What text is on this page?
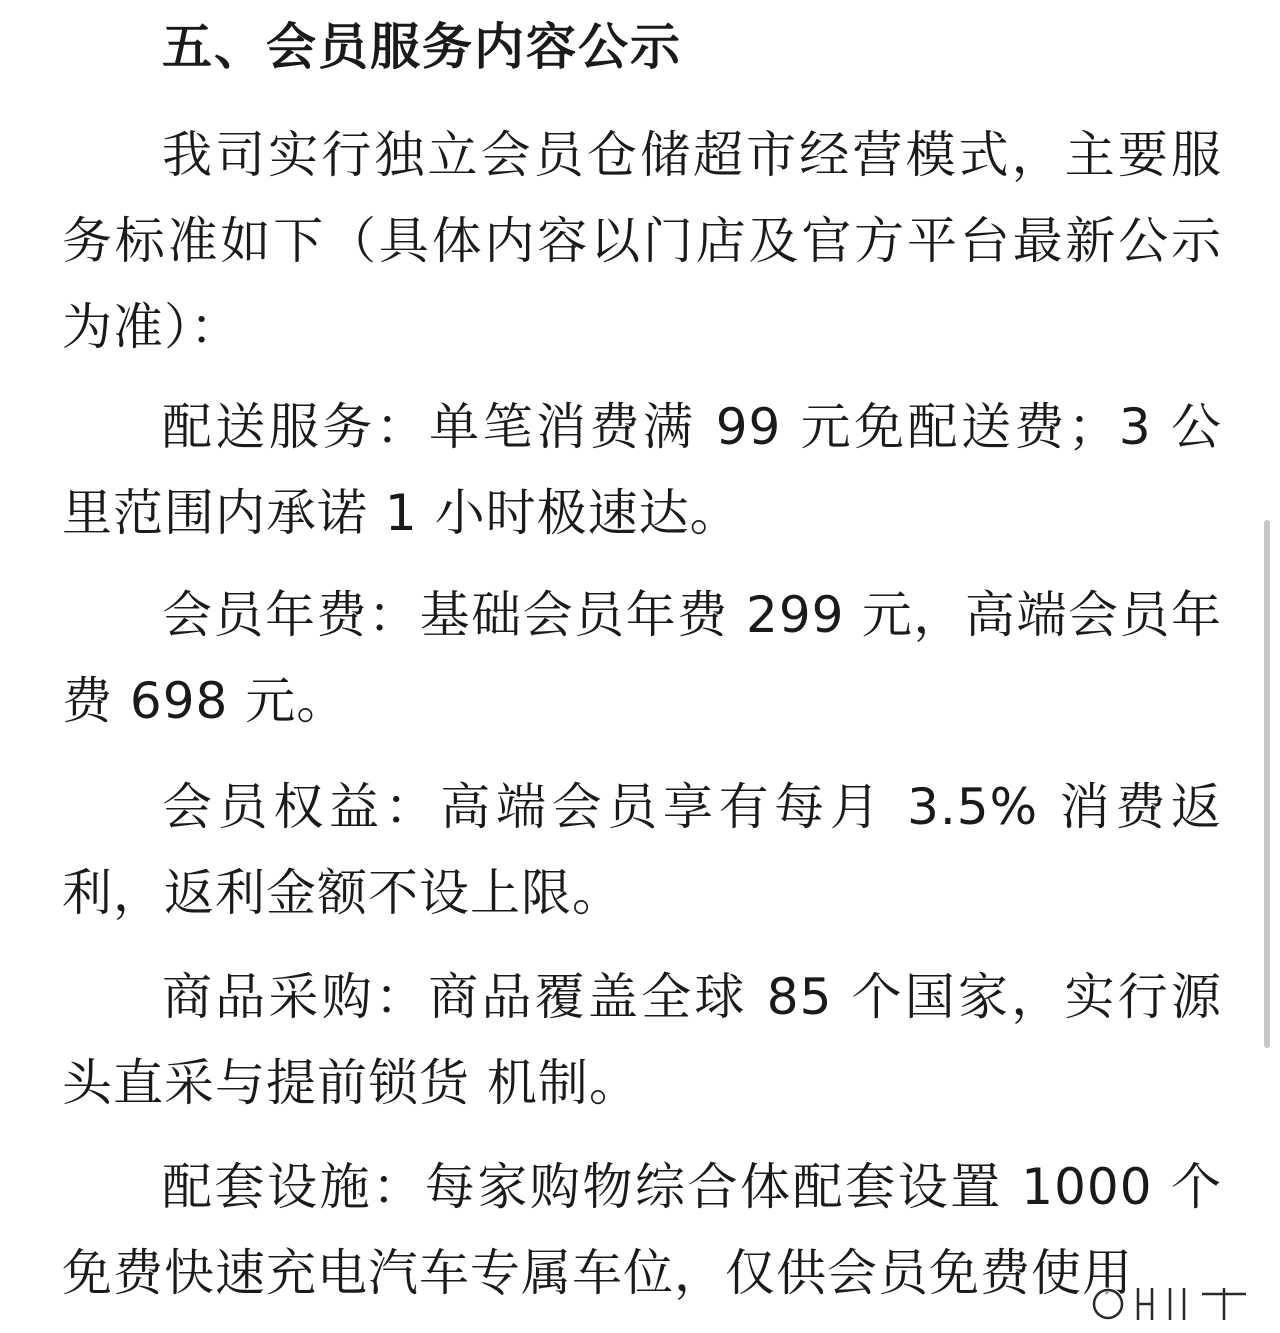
五、会员服务内容公示
我司实行独立会员仓储超市经营模式，主要服务标准如下（具体内容以门店及官方平台最新公示为准）：
配送服务：单笔消费满 99 元免配送费；3 公里范围内承诺 1 小时极速达。
会员年费：基础会员年费 299 元，高端会员年费 698 元。
会员权益：高端会员享有每月 3.5% 消费返利，返利金额不设上限。
商品采购：商品覆盖全球 85 个国家，实行源头直采与提前锁货 机制。
配套设施：每家购物综合体配套设置 1000 个免费快速充电汽车专属车位，仅供会员免费使用
